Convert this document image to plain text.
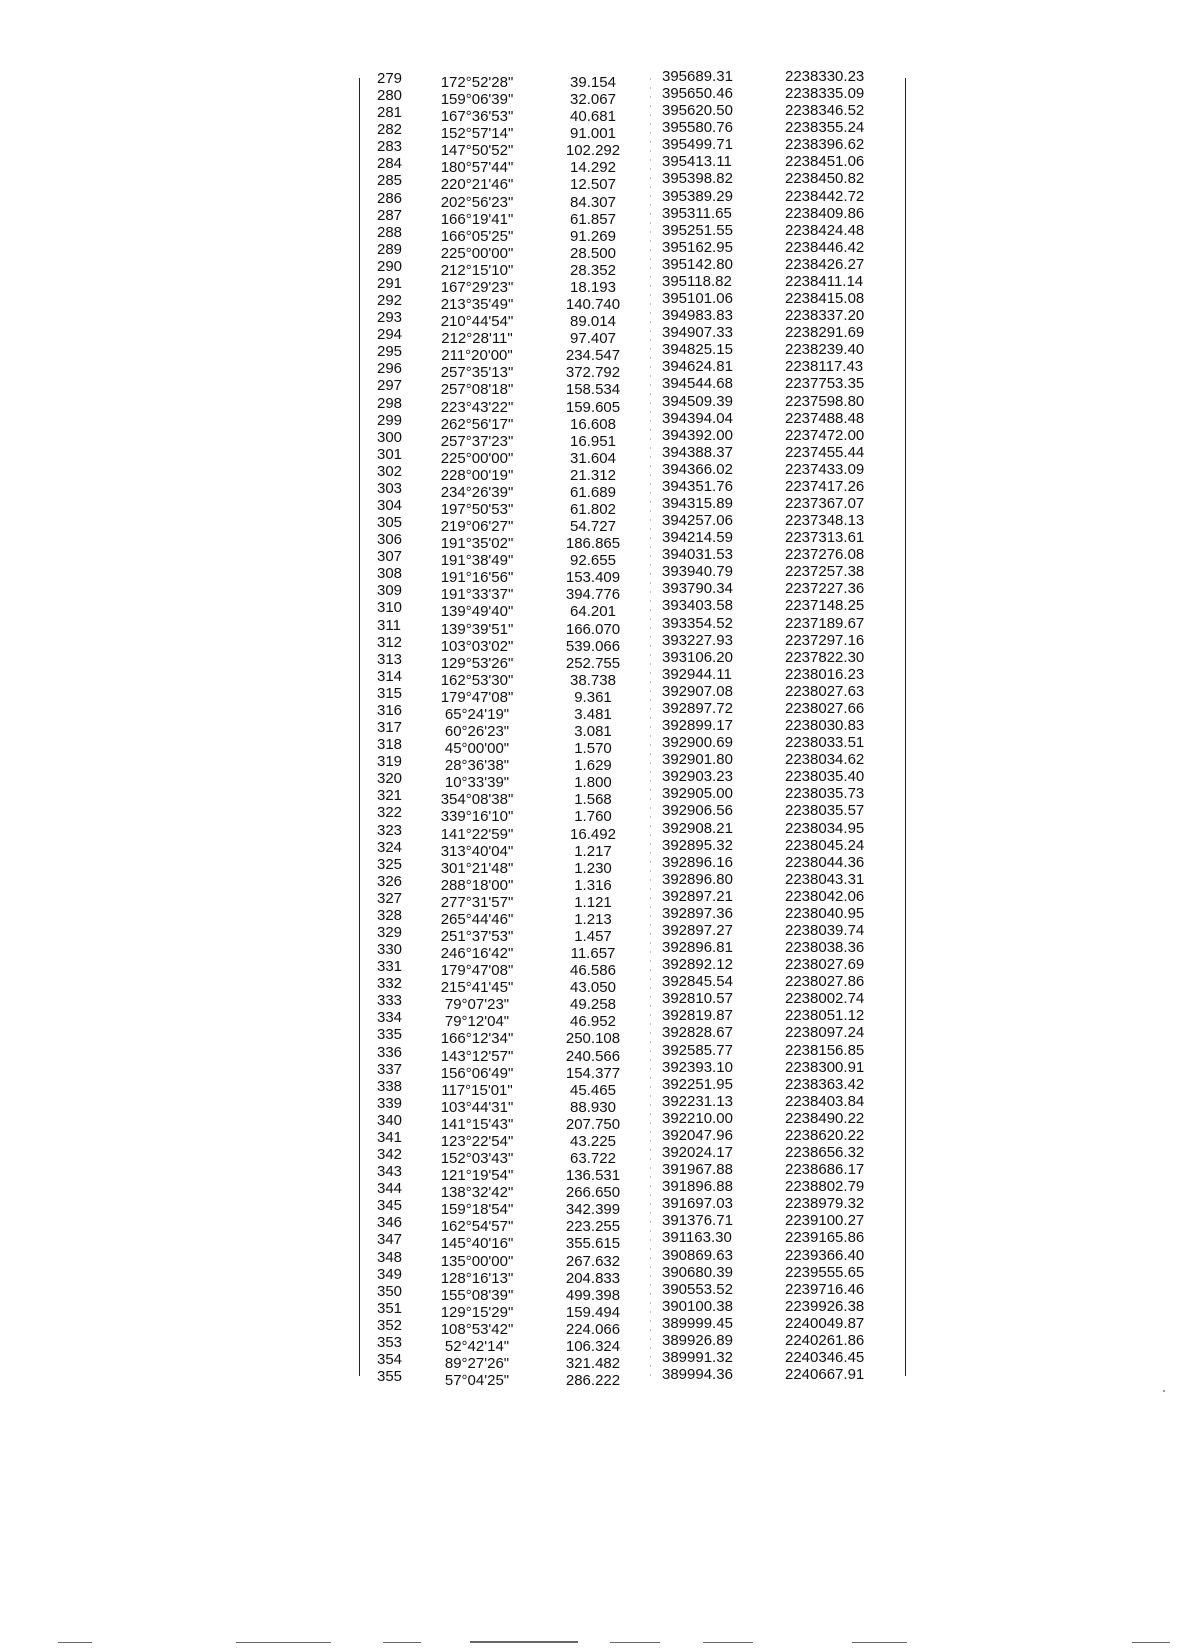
279	172°52'28"	39.154	395689.31	2238330.23
280	159°06'39"	32.067	395650.46	2238335.09
281	167°36'53"	40.681	395620.50	2238346.52
282	152°57'14"	91.001	395580.76	2238355.24
283	147°50'52"	102.292	395499.71	2238396.62
284	180°57'44"	14.292	395413.11	2238451.06
285	220°21'46"	12.507	395398.82	2238450.82
286	202°56'23"	84.307	395389.29	2238442.72
287	166°19'41"	61.857	395311.65	2238409.86
288	166°05'25"	91.269	395251.55	2238424.48
289	225°00'00"	28.500	395162.95	2238446.42
290	212°15'10"	28.352	395142.80	2238426.27
291	167°29'23"	18.193	395118.82	2238411.14
292	213°35'49"	140.740	395101.06	2238415.08
293	210°44'54"	89.014	394983.83	2238337.20
294	212°28'11"	97.407	394907.33	2238291.69
295	211°20'00"	234.547	394825.15	2238239.40
296	257°35'13"	372.792	394624.81	2238117.43
297	257°08'18"	158.534	394544.68	2237753.35
298	223°43'22"	159.605	394509.39	2237598.80
299	262°56'17"	16.608	394394.04	2237488.48
300	257°37'23"	16.951	394392.00	2237472.00
301	225°00'00"	31.604	394388.37	2237455.44
302	228°00'19"	21.312	394366.02	2237433.09
303	234°26'39"	61.689	394351.76	2237417.26
304	197°50'53"	61.802	394315.89	2237367.07
305	219°06'27"	54.727	394257.06	2237348.13
306	191°35'02"	186.865	394214.59	2237313.61
307	191°38'49"	92.655	394031.53	2237276.08
308	191°16'56"	153.409	393940.79	2237257.38
309	191°33'37"	394.776	393790.34	2237227.36
310	139°49'40"	64.201	393403.58	2237148.25
311	139°39'51"	166.070	393354.52	2237189.67
312	103°03'02"	539.066	393227.93	2237297.16
313	129°53'26"	252.755	393106.20	2237822.30
314	162°53'30"	38.738	392944.11	2238016.23
315	179°47'08"	9.361	392907.08	2238027.63
316	65°24'19"	3.481	392897.72	2238027.66
317	60°26'23"	3.081	392899.17	2238030.83
318	45°00'00"	1.570	392900.69	2238033.51
319	28°36'38"	1.629	392901.80	2238034.62
320	10°33'39"	1.800	392903.23	2238035.40
321	354°08'38"	1.568	392905.00	2238035.73
322	339°16'10"	1.760	392906.56	2238035.57
323	141°22'59"	16.492	392908.21	2238034.95
324	313°40'04"	1.217	392895.32	2238045.24
325	301°21'48"	1.230	392896.16	2238044.36
326	288°18'00"	1.316	392896.80	2238043.31
327	277°31'57"	1.121	392897.21	2238042.06
328	265°44'46"	1.213	392897.36	2238040.95
329	251°37'53"	1.457	392897.27	2238039.74
330	246°16'42"	11.657	392896.81	2238038.36
331	179°47'08"	46.586	392892.12	2238027.69
332	215°41'45"	43.050	392845.54	2238027.86
333	79°07'23"	49.258	392810.57	2238002.74
334	79°12'04"	46.952	392819.87	2238051.12
335	166°12'34"	250.108	392828.67	2238097.24
336	143°12'57"	240.566	392585.77	2238156.85
337	156°06'49"	154.377	392393.10	2238300.91
338	117°15'01"	45.465	392251.95	2238363.42
339	103°44'31"	88.930	392231.13	2238403.84
340	141°15'43"	207.750	392210.00	2238490.22
341	123°22'54"	43.225	392047.96	2238620.22
342	152°03'43"	63.722	392024.17	2238656.32
343	121°19'54"	136.531	391967.88	2238686.17
344	138°32'42"	266.650	391896.88	2238802.79
345	159°18'54"	342.399	391697.03	2238979.32
346	162°54'57"	223.255	391376.71	2239100.27
347	145°40'16"	355.615	391163.30	2239165.86
348	135°00'00"	267.632	390869.63	2239366.40
349	128°16'13"	204.833	390680.39	2239555.65
350	155°08'39"	499.398	390553.52	2239716.46
351	129°15'29"	159.494	390100.38	2239926.38
352	108°53'42"	224.066	389999.45	2240049.87
353	52°42'14"	106.324	389926.89	2240261.86
354	89°27'26"	321.482	389991.32	2240346.45
355	57°04'25"	286.222	389994.36	2240667.91
